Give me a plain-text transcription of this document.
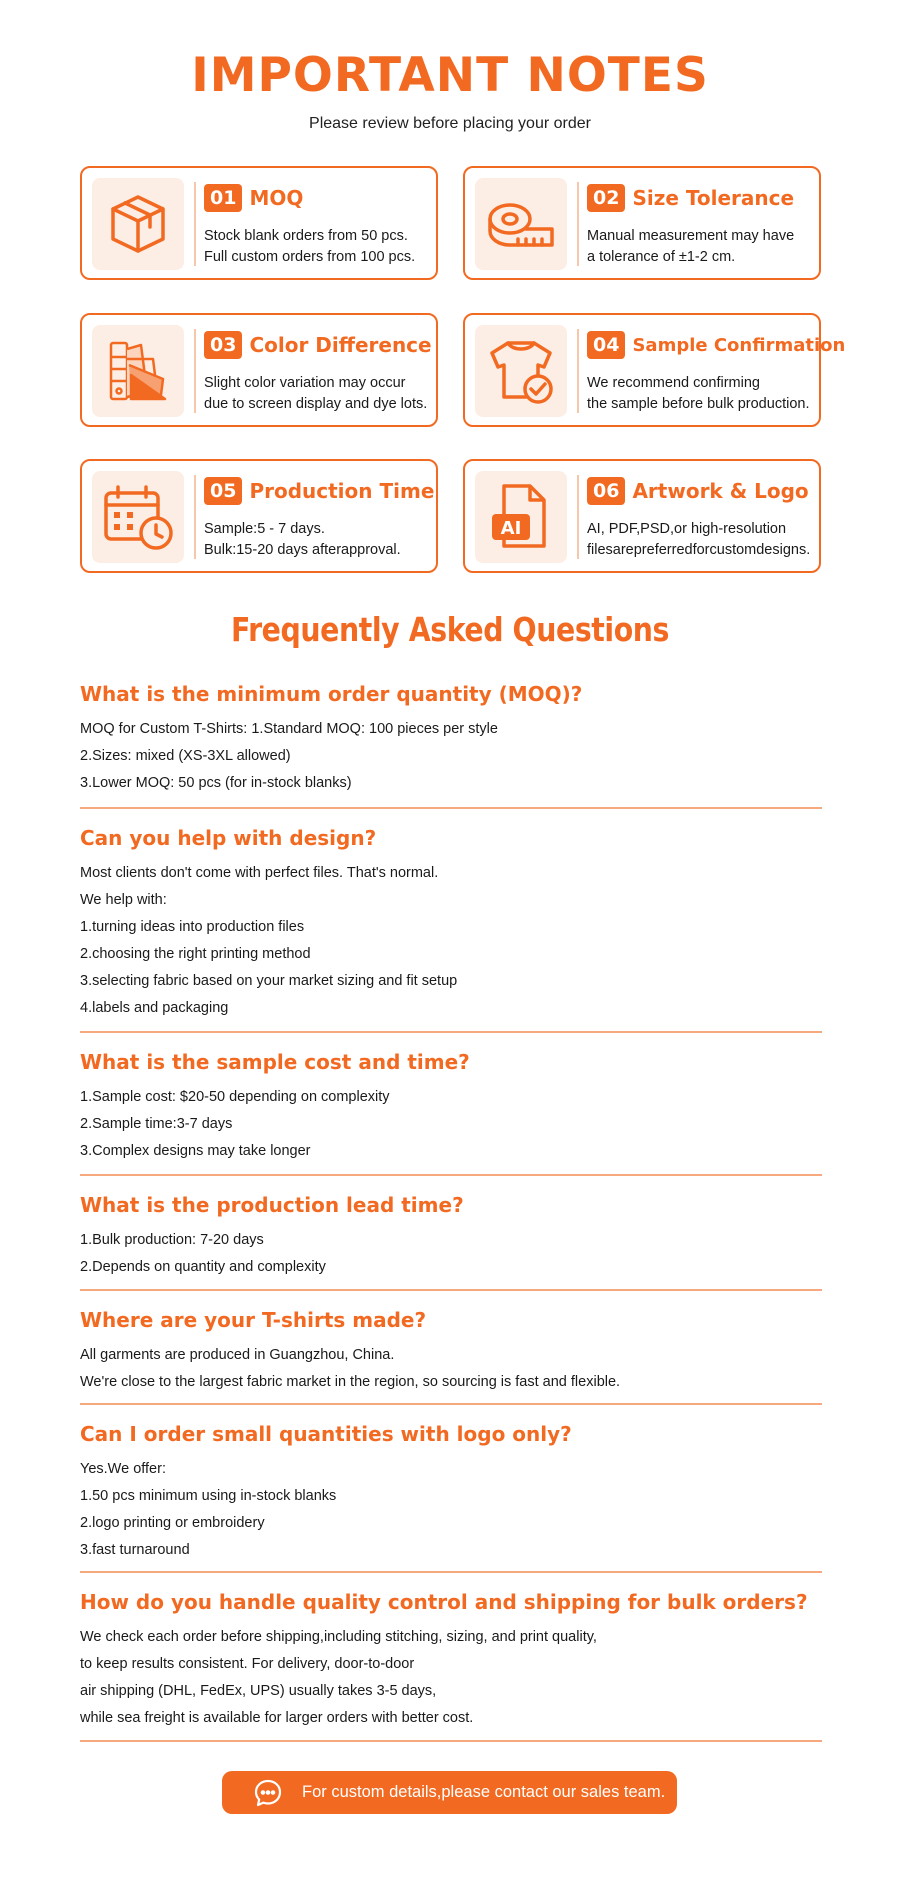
IMPORTANT NOTES
Please review before placing your order
01 MOQ
Stock blank orders from 50 pcs.
Full custom orders from 100 pcs.
02 Size Tolerance
Manual measurement may have
a tolerance of ±1-2 cm.
03 Color Difference
Slight color variation may occur
due to screen display and dye lots.
04 Sample Confirmation
We recommend confirming
the sample before bulk production.
05 Production Time
Sample:5 - 7 days.
Bulk:15-20 days afterapproval.
AI
06 Artwork & Logo
AI, PDF,PSD,or high-resolution
filesarepreferredforcustomdesigns.
Frequently Asked Questions
What is the minimum order quantity (MOQ)?
MOQ for Custom T-Shirts: 1.Standard MOQ: 100 pieces per style
2.Sizes: mixed (XS-3XL allowed)
3.Lower MOQ: 50 pcs (for in-stock blanks)
Can you help with design?
Most clients don't come with perfect files. That's normal.
We help with:
1.turning ideas into production files
2.choosing the right printing method
3.selecting fabric based on your market sizing and fit setup
4.labels and packaging
What is the sample cost and time?
1.Sample cost: $20-50 depending on complexity
2.Sample time:3-7 days
3.Complex designs may take longer
What is the production lead time?
1.Bulk production: 7-20 days
2.Depends on quantity and complexity
Where are your T-shirts made?
All garments are produced in Guangzhou, China.
We're close to the largest fabric market in the region, so sourcing is fast and flexible.
Can I order small quantities with logo only?
Yes.We offer:
1.50 pcs minimum using in-stock blanks
2.logo printing or embroidery
3.fast turnaround
How do you handle quality control and shipping for bulk orders?
We check each order before shipping,including stitching, sizing, and print quality,
to keep results consistent. For delivery, door-to-door
air shipping (DHL, FedEx, UPS) usually takes 3-5 days,
while sea freight is available for larger orders with better cost.
For custom details,please contact our sales team.
